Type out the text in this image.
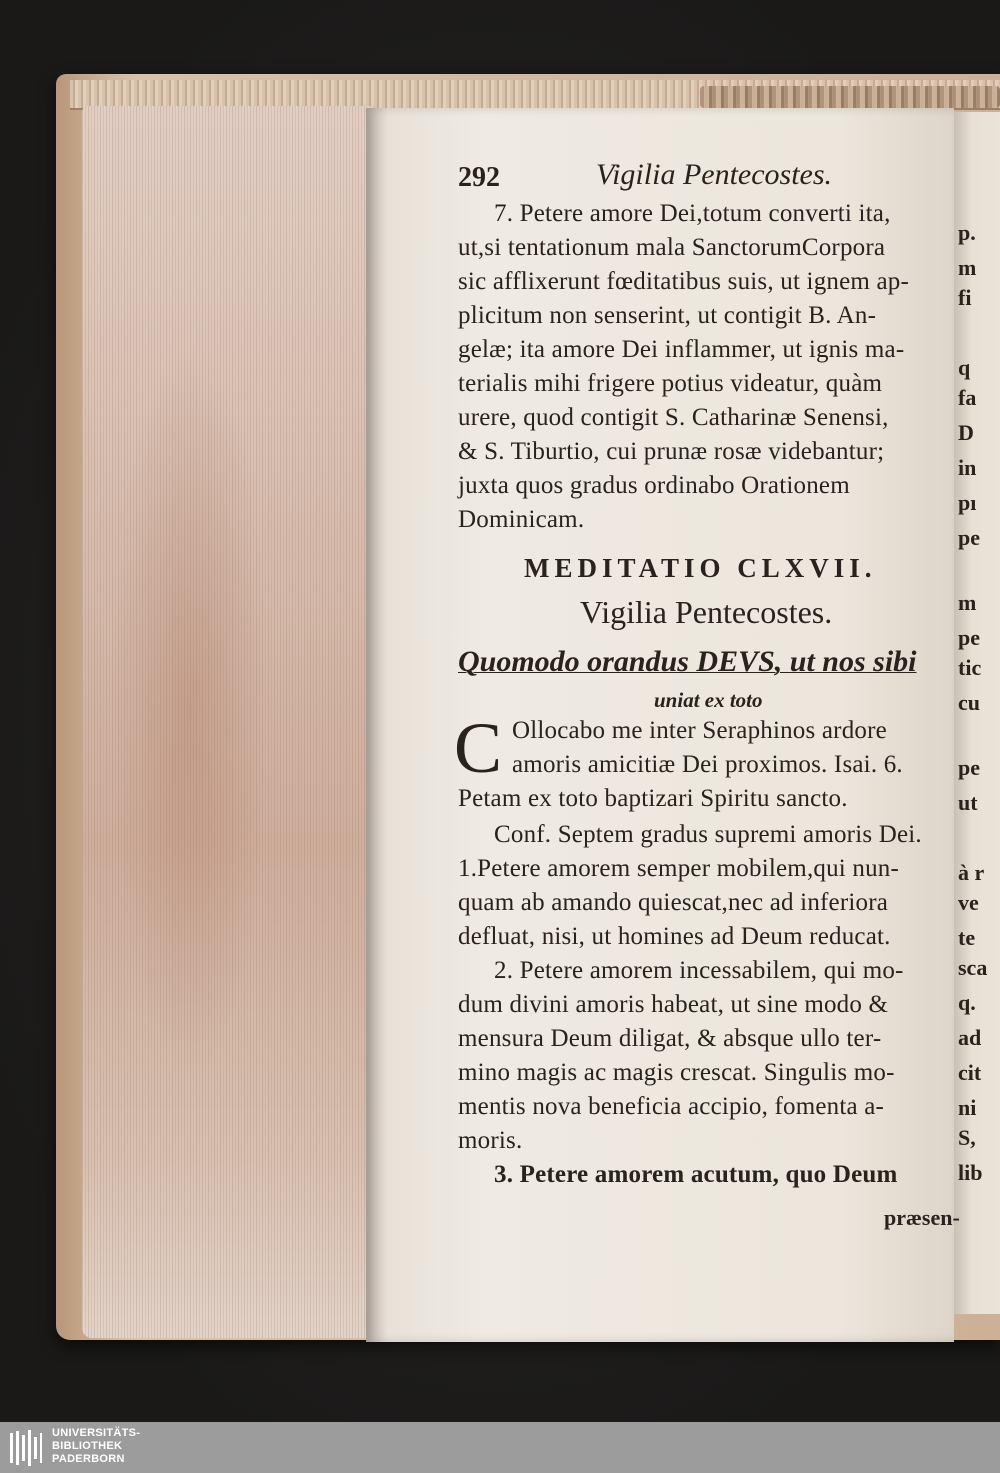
p.
m
fi
q
fa
D
in
pı
pe
m
pe
tic
cu
pe
ut
à r
ve
te
sca
q.
ad
cit
ni
S,
lib
292	Vigilia Pentecostes.
7. Petere amore Dei,totum converti ita,
ut,si tentationum mala SanctorumCorpora
sic afflixerunt fœditatibus suis, ut ignem ap-
plicitum non senserint, ut contigit B. An-
gelæ; ita amore Dei inflammer, ut ignis ma-
terialis mihi frigere potius videatur, quàm
urere, quod contigit S. Catharinæ Senensi,
& S. Tiburtio, cui prunæ rosæ videbantur;
juxta quos gradus ordinabo Orationem
Dominicam.
MEDITATIO CLXVII.
Vigilia Pentecostes.
Quomodo orandus DEVS, ut nos sibi
uniat ex toto
C Ollocabo me inter Seraphinos ardore
amoris amicitiæ Dei proximos. Isai. 6.
Petam ex toto baptizari Spiritu sancto.
Conf. Septem gradus supremi amoris Dei.
1.Petere amorem semper mobilem,qui nun-
quam ab amando quiescat,nec ad inferiora
defluat, nisi, ut homines ad Deum reducat.
2. Petere amorem incessabilem, qui mo-
dum divini amoris habeat, ut sine modo &
mensura Deum diligat, & absque ullo ter-
mino magis ac magis crescat. Singulis mo-
mentis nova beneficia accipio, fomenta a-
moris.
3. Petere amorem acutum, quo Deum
præsen-
UNIVERSITÄTS-
BIBLIOTHEK
PADERBORN
